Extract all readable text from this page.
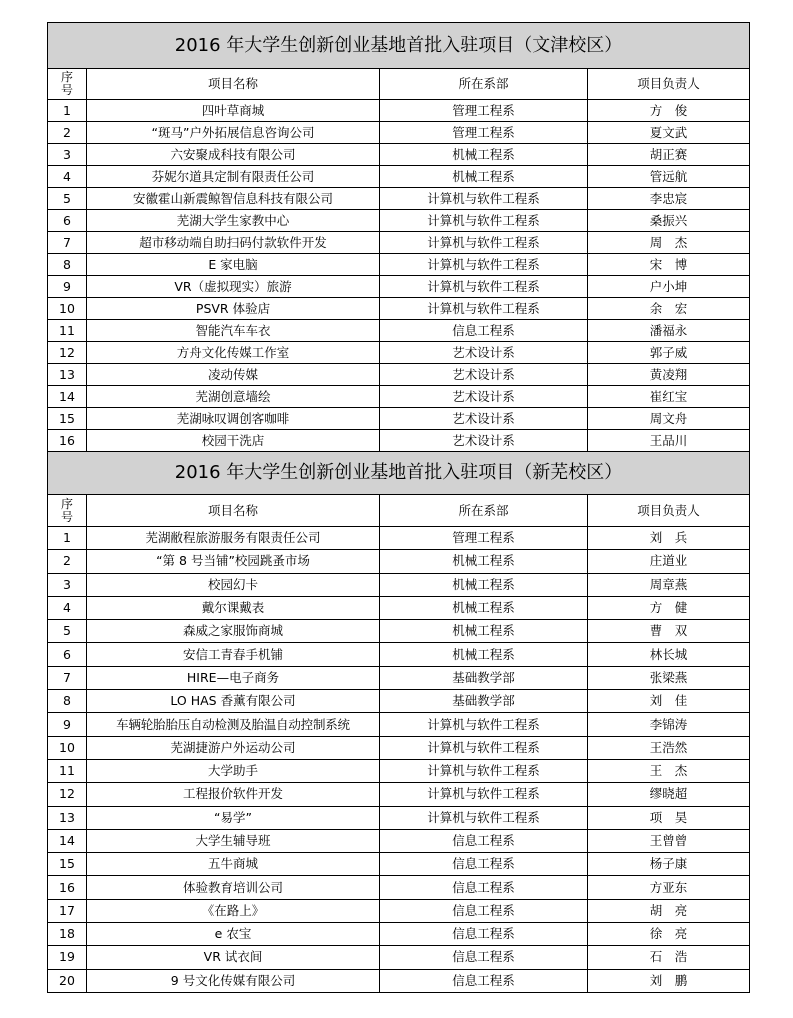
2016 年大学生创新创业基地首批入驻项目（文津校区）			
序号	项目名称	所在系部	项目负责人
1	四叶草商城	管理工程系	方　俊
2	“斑马”户外拓展信息咨询公司	管理工程系	夏文武
3	六安聚成科技有限公司	机械工程系	胡正赛
4	芬妮尔道具定制有限责任公司	机械工程系	管远航
5	安徽霍山新震鲸智信息科技有限公司	计算机与软件工程系	李忠宸
6	芜湖大学生家教中心	计算机与软件工程系	桑振兴
7	超市移动端自助扫码付款软件开发	计算机与软件工程系	周　杰
8	E 家电脑	计算机与软件工程系	宋　博
9	VR（虚拟现实）旅游	计算机与软件工程系	户小坤
10	PSVR 体验店	计算机与软件工程系	余　宏
11	智能汽车车衣	信息工程系	潘福永
12	方舟文化传媒工作室	艺术设计系	郭子威
13	凌动传媒	艺术设计系	黄凌翔
14	芜湖创意墙绘	艺术设计系	崔红宝
15	芜湖咏叹调创客咖啡	艺术设计系	周文舟
16	校园干洗店	艺术设计系	王品川
2016 年大学生创新创业基地首批入驻项目（新芜校区）			
序号	项目名称	所在系部	项目负责人
1	芜湖敝程旅游服务有限责任公司	管理工程系	刘　兵
2	“第 8 号当铺”校园跳蚤市场	机械工程系	庄道业
3	校园幻卡	机械工程系	周章燕
4	戴尔课戴表	机械工程系	方　健
5	森威之家服饰商城	机械工程系	曹　双
6	安信工青春手机铺	机械工程系	林长城
7	HIRE—电子商务	基础教学部	张梁燕
8	LO HAS 香薰有限公司	基础教学部	刘　佳
9	车辆轮胎胎压自动检测及胎温自动控制系统	计算机与软件工程系	李锦涛
10	芜湖捷游户外运动公司	计算机与软件工程系	王浩然
11	大学助手	计算机与软件工程系	王　杰
12	工程报价软件开发	计算机与软件工程系	缪晓超
13	“易学”	计算机与软件工程系	项　昊
14	大学生辅导班	信息工程系	王曾曾
15	五牛商城	信息工程系	杨子康
16	体验教育培训公司	信息工程系	方亚东
17	《在路上》	信息工程系	胡　亮
18	e 农宝	信息工程系	徐　亮
19	VR 试衣间	信息工程系	石　浩
20	9 号文化传媒有限公司	信息工程系	刘　鹏
